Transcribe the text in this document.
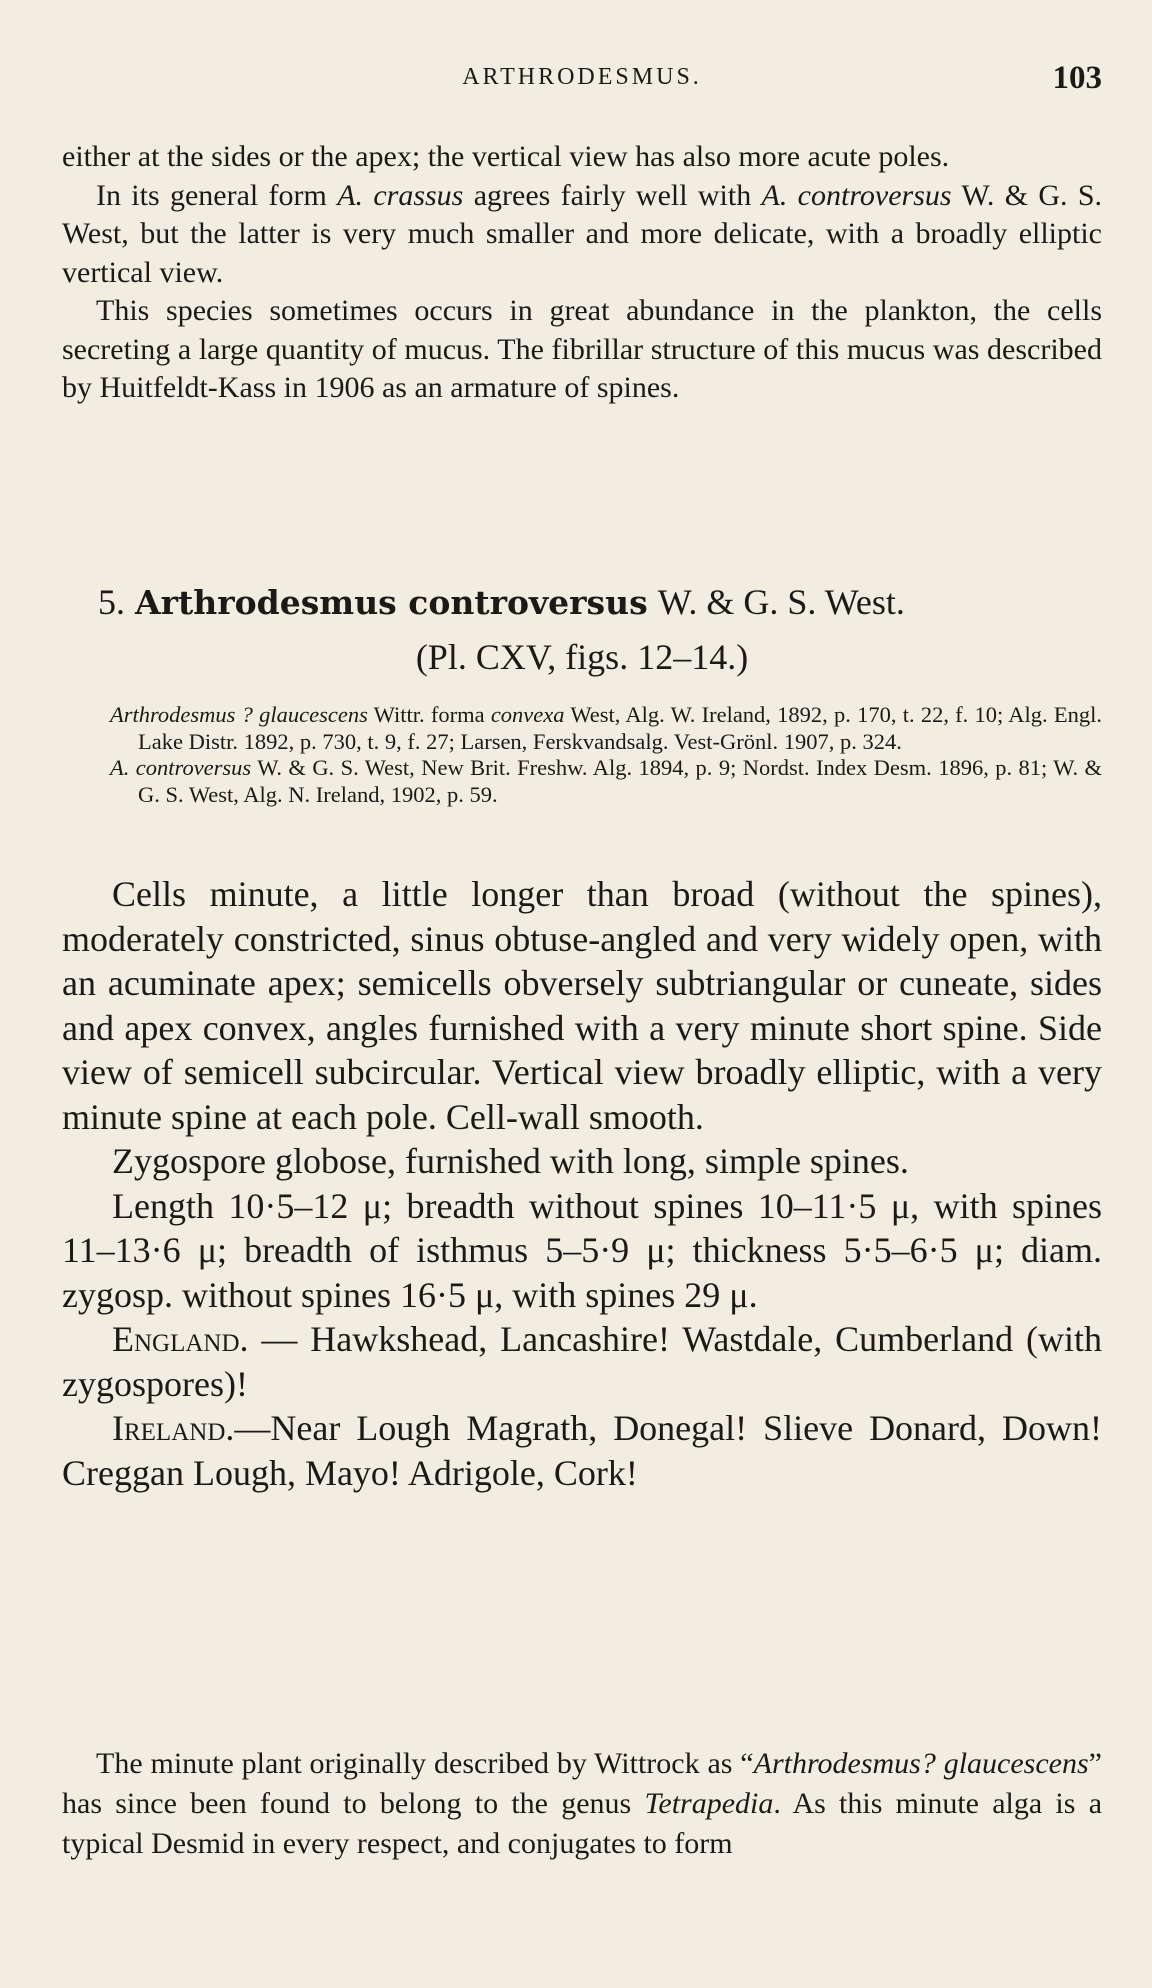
ARTHRODESMUS.	103

either at the sides or the apex; the vertical view has also more acute poles.

In its general form A. crassus agrees fairly well with A. controversus W. & G. S. West, but the latter is very much smaller and more delicate, with a broadly elliptic vertical view.

This species sometimes occurs in great abundance in the plankton, the cells secreting a large quantity of mucus. The fibrillar structure of this mucus was described by Huitfeldt-Kass in 1906 as an armature of spines.

5. Arthrodesmus controversus W. & G. S. West.
(Pl. CXV, figs. 12–14.)

Arthrodesmus ? glaucescens Wittr. forma convexa West, Alg. W. Ireland, 1892, p. 170, t. 22, f. 10; Alg. Engl. Lake Distr. 1892, p. 730, t. 9, f. 27; Larsen, Ferskvandsalg. Vest-Grönl. 1907, p. 324.

A. controversus W. & G. S. West, New Brit. Freshw. Alg. 1894, p. 9; Nordst. Index Desm. 1896, p. 81; W. & G. S. West, Alg. N. Ireland, 1902, p. 59.

Cells minute, a little longer than broad (without the spines), moderately constricted, sinus obtuse-angled and very widely open, with an acuminate apex; semicells obversely subtriangular or cuneate, sides and apex convex, angles furnished with a very minute short spine. Side view of semicell subcircular. Vertical view broadly elliptic, with a very minute spine at each pole. Cell-wall smooth.

Zygospore globose, furnished with long, simple spines.

Length 10·5–12 μ; breadth without spines 10–11·5 μ, with spines 11–13·6 μ; breadth of isthmus 5–5·9 μ; thickness 5·5–6·5 μ; diam. zygosp. without spines 16·5 μ, with spines 29 μ.

England. — Hawkshead, Lancashire! Wastdale, Cumberland (with zygospores)!

Ireland.—Near Lough Magrath, Donegal! Slieve Donard, Down! Creggan Lough, Mayo! Adrigole, Cork!

The minute plant originally described by Wittrock as “Arthrodesmus? glaucescens” has since been found to belong to the genus Tetrapedia. As this minute alga is a typical Desmid in every respect, and conjugates to form
